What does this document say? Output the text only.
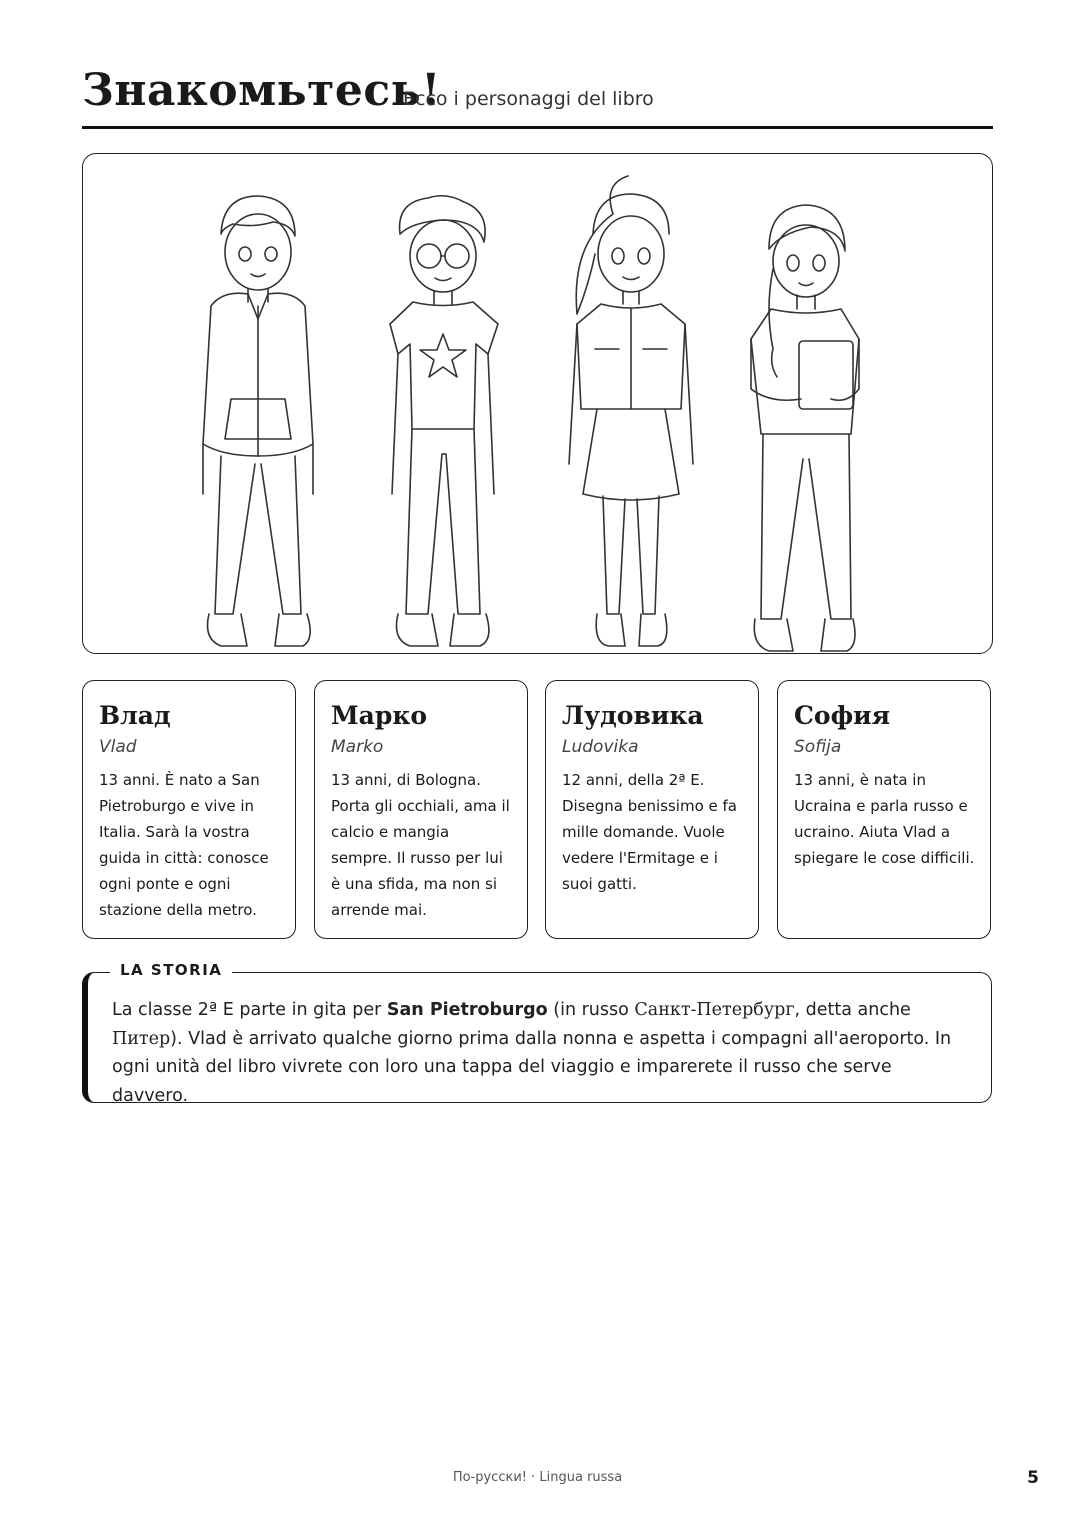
Знакомьтесь!
Ecco i personaggi del libro
Влад
Vlad

13 anni. È nato a San Pietroburgo e vive in Italia. Sarà la vostra guida in città: conosce ogni ponte e ogni stazione della metro.

Марко
Marko

13 anni, di Bologna. Porta gli occhiali, ama il calcio e mangia sempre. Il russo per lui è una sfida, ma non si arrende mai.

Лудовика
Ludovika

12 anni, della 2ª E. Disegna benissimo e fa mille domande. Vuole vedere l'Ermitage e i suoi gatti.

София
Sofija

13 anni, è nata in Ucraina e parla russo e ucraino. Aiuta Vlad a spiegare le cose difficili.

LA STORIA
La classe 2ª E parte in gita per San Pietroburgo (in russo Санкт-Петербург, detta anche Питер). Vlad è arrivato qualche giorno prima dalla nonna e aspetta i compagni all'aeroporto. In ogni unità del libro vivrete con loro una tappa del viaggio e imparerete il russo che serve davvero.
По-русски! · Lingua russa	5
